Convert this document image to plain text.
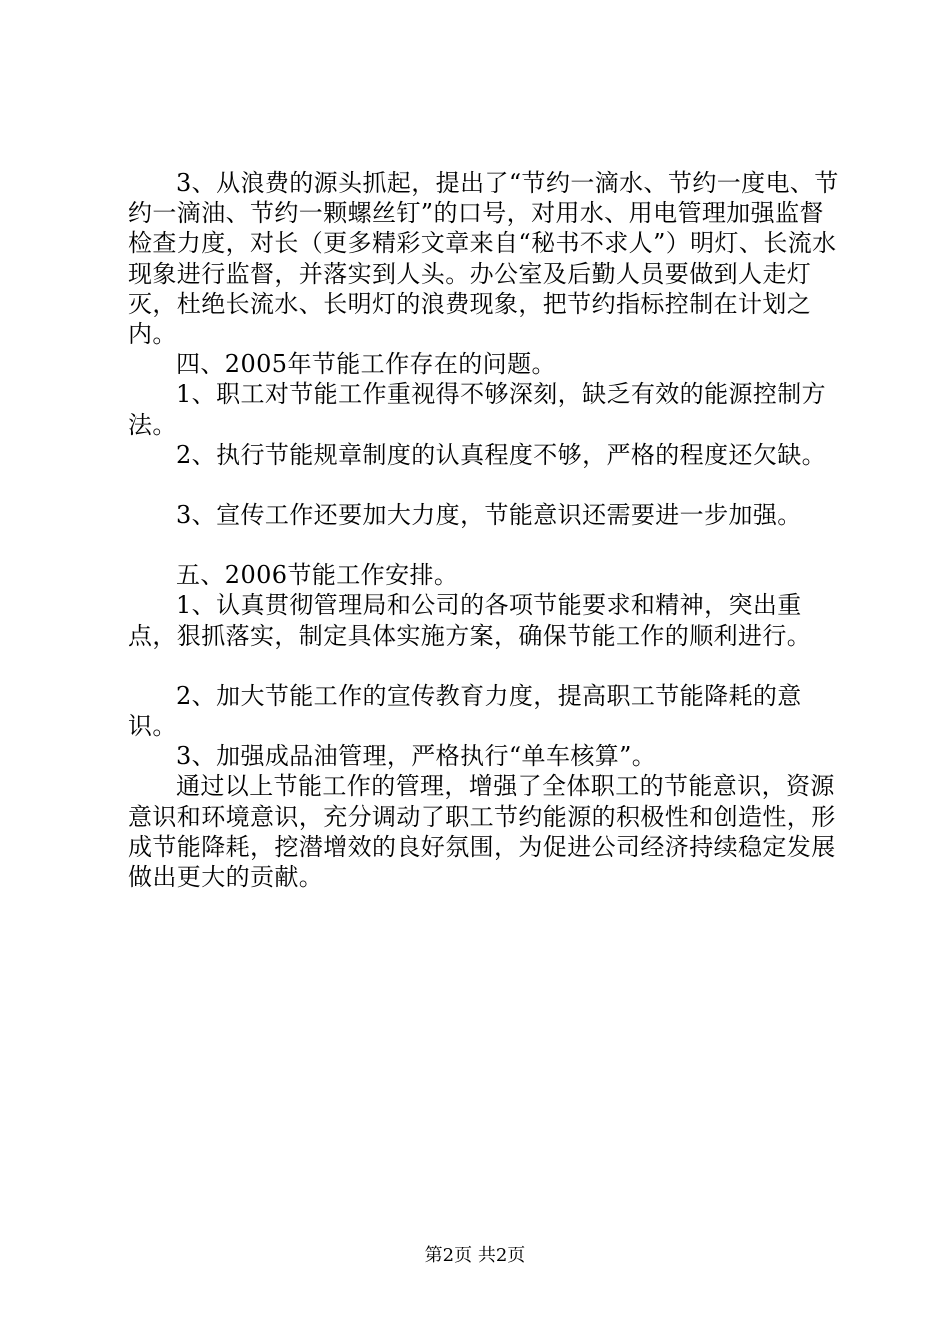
3、从浪费的源头抓起，提出了“节约一滴水、节约一度电、节约一滴油、节约一颗螺丝钉”的口号，对用水、用电管理加强监督检查力度，对长（更多精彩文章来自“秘书不求人”）明灯、长流水现象进行监督，并落实到人头。办公室及后勤人员要做到人走灯灭，杜绝长流水、长明灯的浪费现象，把节约指标控制在计划之内。

四、2005年节能工作存在的问题。

1、职工对节能工作重视得不够深刻，缺乏有效的能源控制方法。

2、执行节能规章制度的认真程度不够，严格的程度还欠缺。

3、宣传工作还要加大力度，节能意识还需要进一步加强。

五、2006节能工作安排。

1、认真贯彻管理局和公司的各项节能要求和精神，突出重点，狠抓落实，制定具体实施方案，确保节能工作的顺利进行。

2、加大节能工作的宣传教育力度，提高职工节能降耗的意识。

3、加强成品油管理，严格执行“单车核算”。

通过以上节能工作的管理，增强了全体职工的节能意识，资源意识和环境意识，充分调动了职工节约能源的积极性和创造性，形成节能降耗，挖潜增效的良好氛围，为促进公司经济持续稳定发展做出更大的贡献。

第2页 共2页
